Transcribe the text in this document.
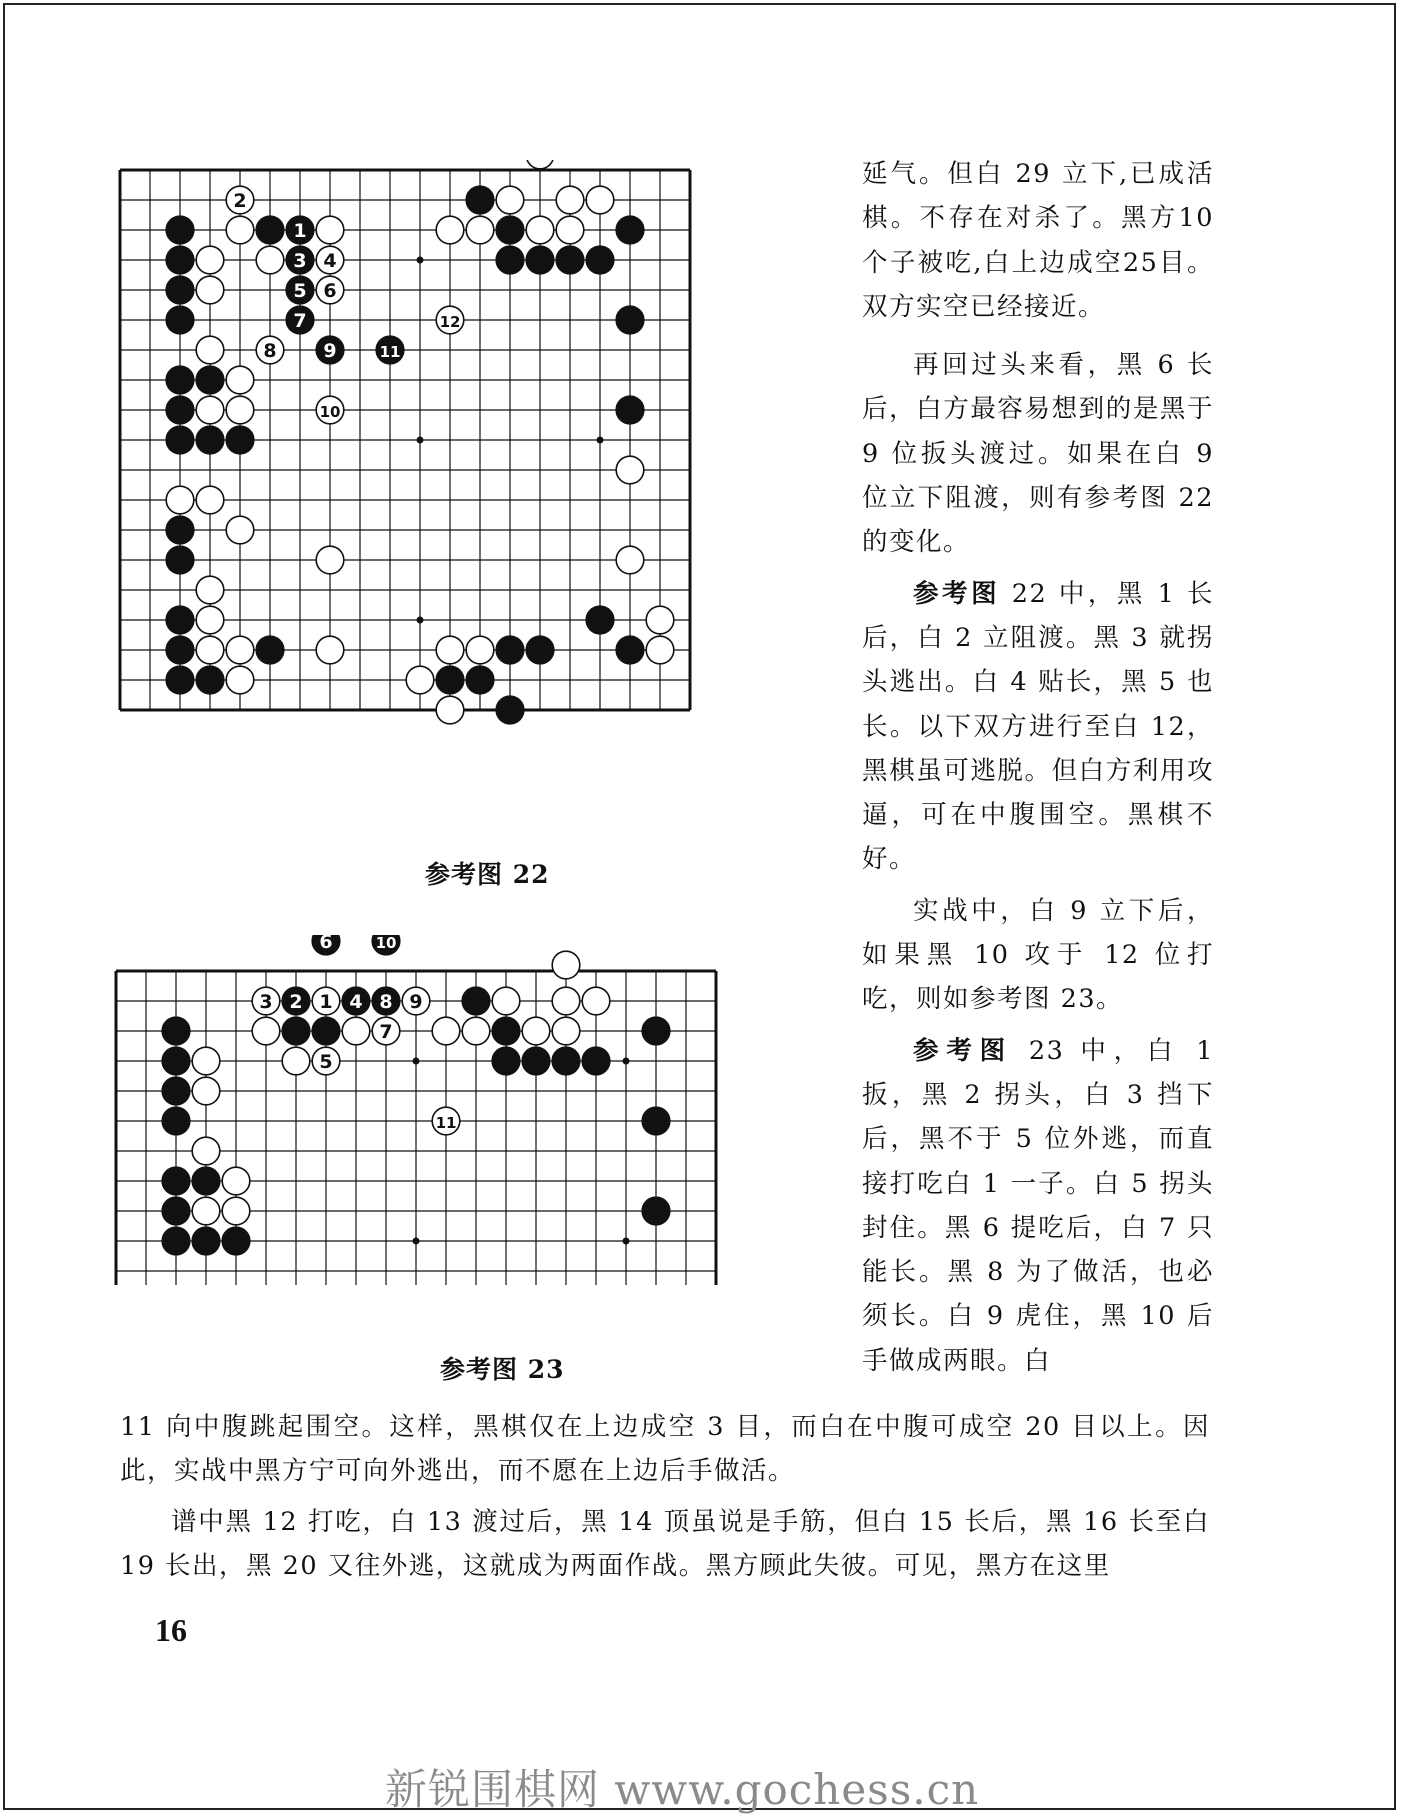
2
1
3 4
5 6
7	12
8 9	11
10
参考图 22
6	10
3 2 1 4 8 9
7
5
11
参考图 23

延气。但白 29 立下,已成活棋。不存在对杀了。黑方10个子被吃,白上边成空25目。双方实空已经接近。

再回过头来看，黑 6 长后，白方最容易想到的是黑于 9 位扳头渡过。如果在白 9 位立下阻渡，则有参考图 22 的变化。

参考图 22 中，黑 1 长后，白 2 立阻渡。黑 3 就拐头逃出。白 4 贴长，黑 5 也长。以下双方进行至白 12，黑棋虽可逃脱。但白方利用攻逼，可在中腹围空。黑棋不好。

实战中，白 9 立下后，如果黑 10 攻于 12 位打吃，则如参考图 23。

参考图 23 中，白 1 扳，黑 2 拐头，白 3 挡下后，黑不于 5 位外逃，而直接打吃白 1 一子。白 5 拐头封住。黑 6 提吃后，白 7 只能长。黑 8 为了做活，也必须长。白 9 虎住，黑 10 后手做成两眼。白

11 向中腹跳起围空。这样，黑棋仅在上边成空 3 目，而白在中腹可成空 20 目以上。因此，实战中黑方宁可向外逃出，而不愿在上边后手做活。

谱中黑 12 打吃，白 13 渡过后，黑 14 顶虽说是手筋，但白 15 长后，黑 16 长至白 19 长出，黑 20 又往外逃，这就成为两面作战。黑方顾此失彼。可见，黑方在这里

16
新锐围棋网 www.gochess.cn
